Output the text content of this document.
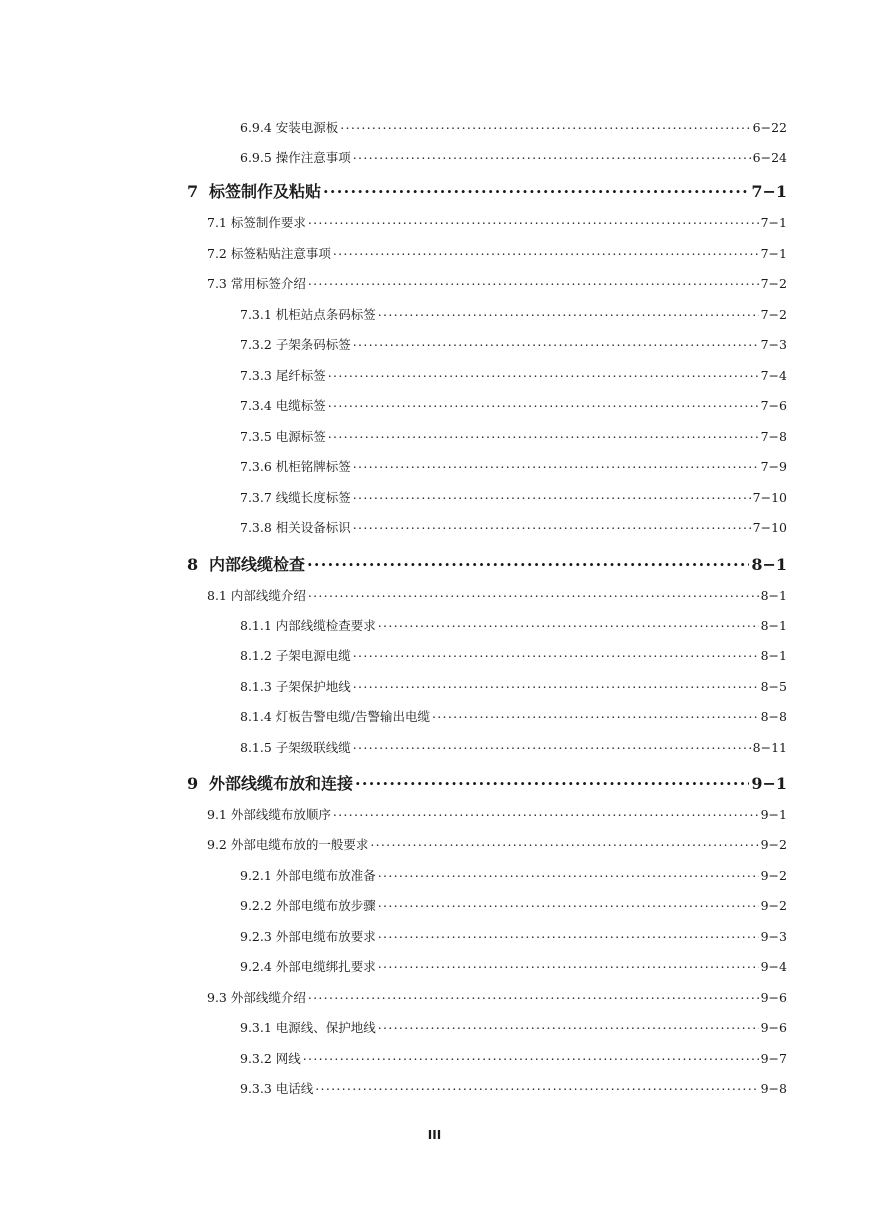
6.9.4 安装电源板 .....	6−22
6.9.5 操作注意事项 .....	6−24
7 标签制作及粘贴 .....	7−1
7.1 标签制作要求 .....	7−1
7.2 标签粘贴注意事项 .....	7−1
7.3 常用标签介绍 .....	7−2
7.3.1 机柜站点条码标签 .....	7−2
7.3.2 子架条码标签 .....	7−3
7.3.3 尾纤标签 .....	7−4
7.3.4 电缆标签 .....	7−6
7.3.5 电源标签 .....	7−8
7.3.6 机柜铭牌标签 .....	7−9
7.3.7 线缆长度标签 .....	7−10
7.3.8 相关设备标识 .....	7−10
8 内部线缆检查 .....	8−1
8.1 内部线缆介绍 .....	8−1
8.1.1 内部线缆检查要求 .....	8−1
8.1.2 子架电源电缆 .....	8−1
8.1.3 子架保护地线 .....	8−5
8.1.4 灯板告警电缆/告警输出电缆 .....	8−8
8.1.5 子架级联线缆 .....	8−11
9 外部线缆布放和连接 .....	9−1
9.1 外部线缆布放顺序 .....	9−1
9.2 外部电缆布放的一般要求 .....	9−2
9.2.1 外部电缆布放准备 .....	9−2
9.2.2 外部电缆布放步骤 .....	9−2
9.2.3 外部电缆布放要求 .....	9−3
9.2.4 外部电缆绑扎要求 .....	9−4
9.3 外部线缆介绍 .....	9−6
9.3.1 电源线、保护地线 .....	9−6
9.3.2 网线 .....	9−7
9.3.3 电话线 .....	9−8
III
